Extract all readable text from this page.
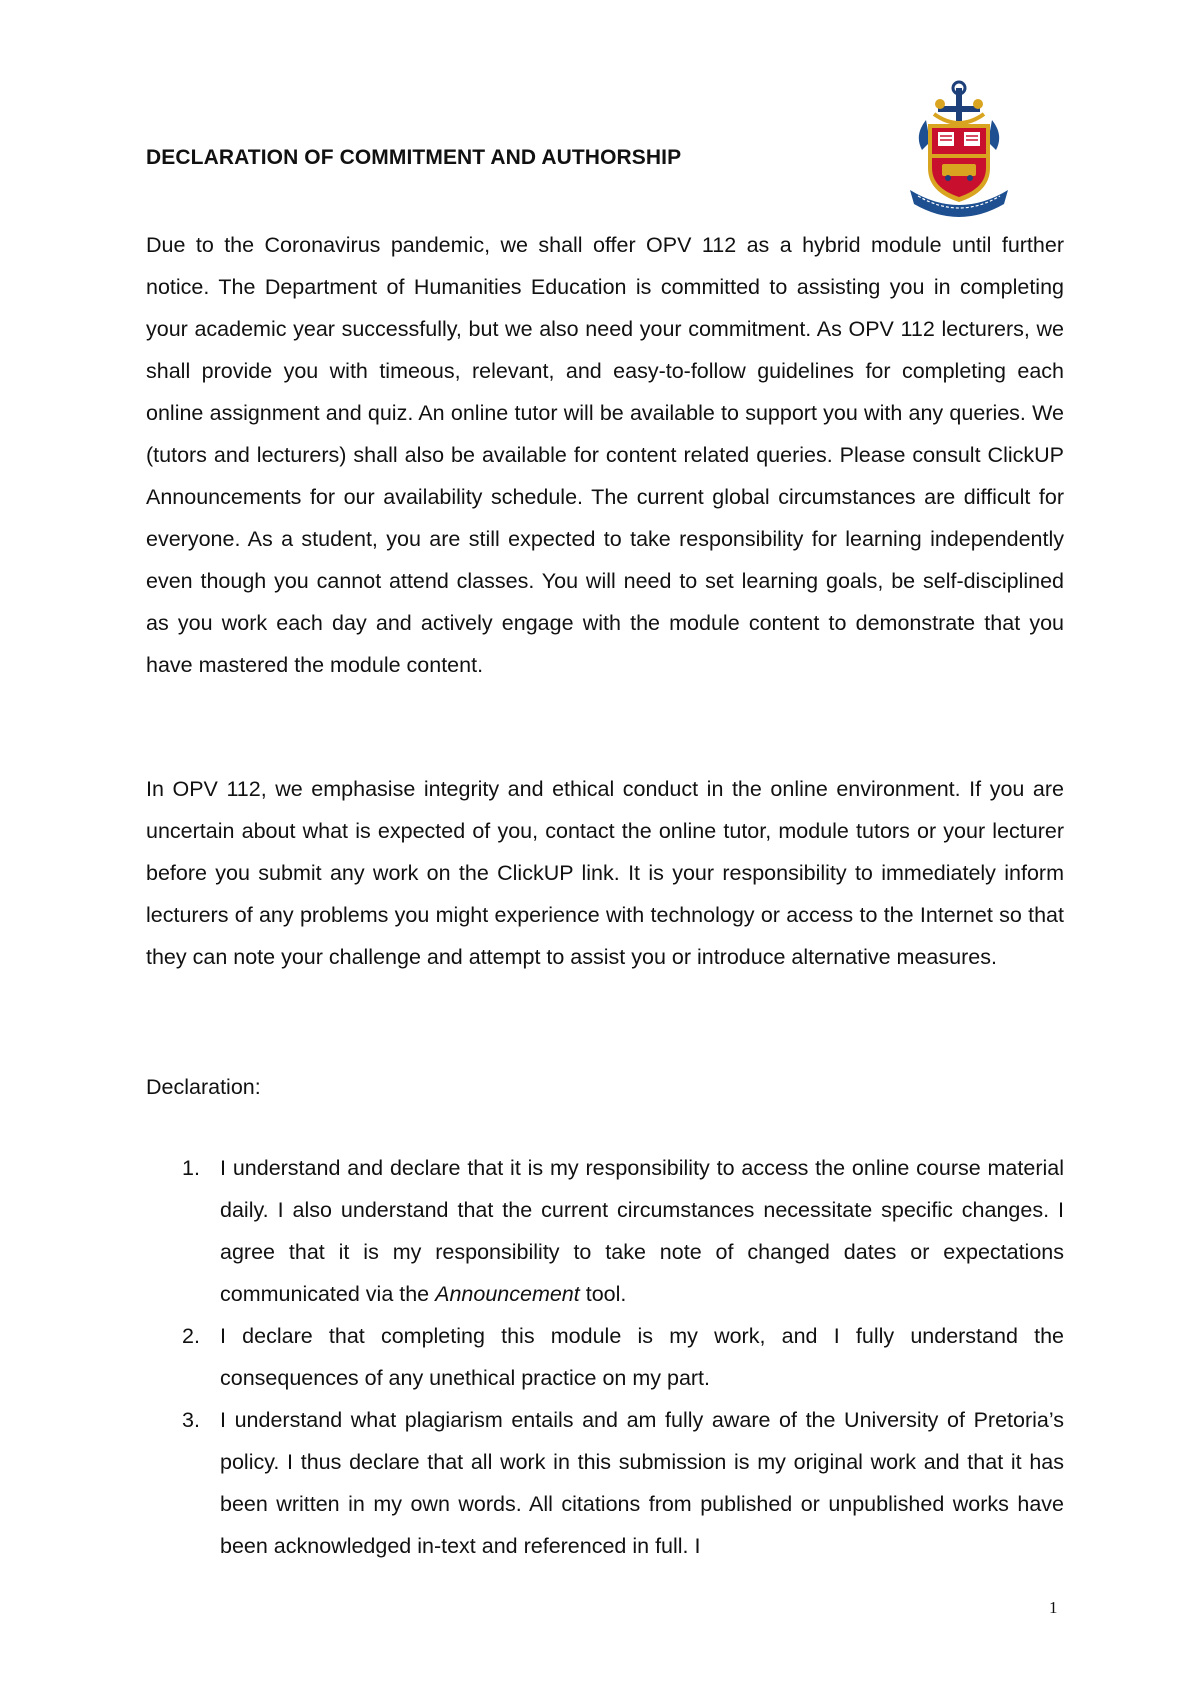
DECLARATION OF COMMITMENT AND AUTHORSHIP

Due to the Coronavirus pandemic, we shall offer OPV 112 as a hybrid module until further notice. The Department of Humanities Education is committed to assisting you in completing your academic year successfully, but we also need your commitment. As OPV 112 lecturers, we shall provide you with timeous, relevant, and easy-to-follow guidelines for completing each online assignment and quiz. An online tutor will be available to support you with any queries. We (tutors and lecturers) shall also be available for content related queries. Please consult ClickUP Announcements for our availability schedule. The current global circumstances are difficult for everyone. As a student, you are still expected to take responsibility for learning independently even though you cannot attend classes. You will need to set learning goals, be self-disciplined as you work each day and actively engage with the module content to demonstrate that you have mastered the module content.

In OPV 112, we emphasise integrity and ethical conduct in the online environment. If you are uncertain about what is expected of you, contact the online tutor, module tutors or your lecturer before you submit any work on the ClickUP link. It is your responsibility to immediately inform lecturers of any problems you might experience with technology or access to the Internet so that they can note your challenge and attempt to assist you or introduce alternative measures.

Declaration:

1. I understand and declare that it is my responsibility to access the online course material daily. I also understand that the current circumstances necessitate specific changes. I agree that it is my responsibility to take note of changed dates or expectations communicated via the Announcement tool.
2. I declare that completing this module is my work, and I fully understand the consequences of any unethical practice on my part.
3. I understand what plagiarism entails and am fully aware of the University of Pretoria’s policy. I thus declare that all work in this submission is my original work and that it has been written in my own words. All citations from published or unpublished works have been acknowledged in-text and referenced in full. I
1
